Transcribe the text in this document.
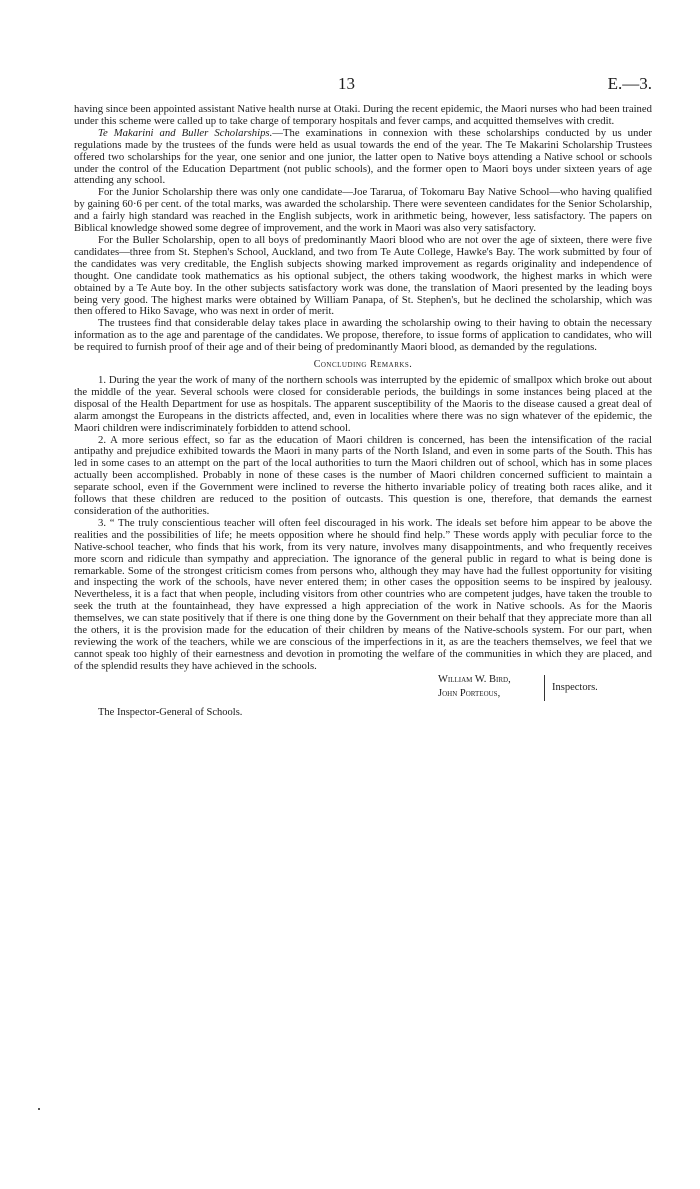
13	E.—3.

having since been appointed assistant Native health nurse at Otaki. During the recent epidemic, the Maori nurses who had been trained under this scheme were called up to take charge of temporary hospitals and fever camps, and acquitted themselves with credit.

Te Makarini and Buller Scholarships.—The examinations in connexion with these scholarships conducted by us under regulations made by the trustees of the funds were held as usual towards the end of the year. The Te Makarini Scholarship Trustees offered two scholarships for the year, one senior and one junior, the latter open to Native boys attending a Native school or schools under the control of the Education Department (not public schools), and the former open to Maori boys under sixteen years of age attending any school.

For the Junior Scholarship there was only one candidate—Joe Tararua, of Tokomaru Bay Native School—who having qualified by gaining 60·6 per cent. of the total marks, was awarded the scholarship. There were seventeen candidates for the Senior Scholarship, and a fairly high standard was reached in the English subjects, work in arithmetic being, however, less satisfactory. The papers on Biblical knowledge showed some degree of improvement, and the work in Maori was also very satisfactory.

For the Buller Scholarship, open to all boys of predominantly Maori blood who are not over the age of sixteen, there were five candidates—three from St. Stephen's School, Auckland, and two from Te Aute College, Hawke's Bay. The work submitted by four of the candidates was very creditable, the English subjects showing marked improvement as regards originality and independence of thought. One candidate took mathematics as his optional subject, the others taking woodwork, the highest marks in which were obtained by a Te Aute boy. In the other subjects satisfactory work was done, the translation of Maori presented by the leading boys being very good. The highest marks were obtained by William Panapa, of St. Stephen's, but he declined the scholarship, which was then offered to Hiko Savage, who was next in order of merit.

The trustees find that considerable delay takes place in awarding the scholarship owing to their having to obtain the necessary information as to the age and parentage of the candidates. We propose, therefore, to issue forms of application to candidates, who will be required to furnish proof of their age and of their being of predominantly Maori blood, as demanded by the regulations.

Concluding Remarks.

1. During the year the work of many of the northern schools was interrupted by the epidemic of smallpox which broke out about the middle of the year. Several schools were closed for considerable periods, the buildings in some instances being placed at the disposal of the Health Department for use as hospitals. The apparent susceptibility of the Maoris to the disease caused a great deal of alarm amongst the Europeans in the districts affected, and, even in localities where there was no sign whatever of the epidemic, the Maori children were indiscriminately forbidden to attend school.

2. A more serious effect, so far as the education of Maori children is concerned, has been the intensification of the racial antipathy and prejudice exhibited towards the Maori in many parts of the North Island, and even in some parts of the South. This has led in some cases to an attempt on the part of the local authorities to turn the Maori children out of school, which has in some places actually been accomplished. Probably in none of these cases is the number of Maori children concerned sufficient to maintain a separate school, even if the Government were inclined to reverse the hitherto invariable policy of treating both races alike, and it follows that these children are reduced to the position of outcasts. This question is one, therefore, that demands the earnest consideration of the authorities.

3. “ The truly conscientious teacher will often feel discouraged in his work. The ideals set before him appear to be above the realities and the possibilities of life; he meets opposition where he should find help.” These words apply with peculiar force to the Native-school teacher, who finds that his work, from its very nature, involves many disappointments, and who frequently receives more scorn and ridicule than sympathy and appreciation. The ignorance of the general public in regard to what is being done is remarkable. Some of the strongest criticism comes from persons who, although they may have had the fullest opportunity for visiting and inspecting the work of the schools, have never entered them; in other cases the opposition seems to be inspired by jealousy. Nevertheless, it is a fact that when people, including visitors from other countries who are competent judges, have taken the trouble to seek the truth at the fountainhead, they have expressed a high appreciation of the work in Native schools. As for the Maoris themselves, we can state positively that if there is one thing done by the Government on their behalf that they appreciate more than all the others, it is the provision made for the education of their children by means of the Native-schools system. For our part, when reviewing the work of the teachers, while we are conscious of the imperfections in it, as are the teachers themselves, we feel that we cannot speak too highly of their earnestness and devotion in promoting the welfare of the communities in which they are placed, and of the splendid results they have achieved in the schools.

William W. Bird,
John Porteous,
Inspectors.
The Inspector-General of Schools.
